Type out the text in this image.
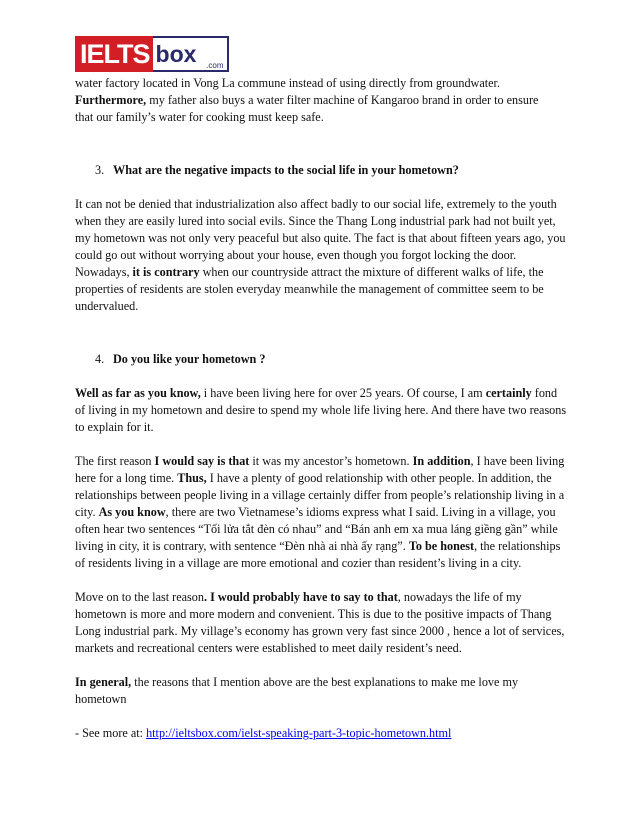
IELTS box .com

water factory located in Vong La commune instead of using directly from groundwater.
Furthermore, my father also buys a water filter machine of Kangaroo brand in order to ensure
that our family’s water for cooking must keep safe.

3. What are the negative impacts to the social life in your hometown?

It can not be denied that industrialization also affect badly to our social life, extremely to the youth when they are easily lured into social evils. Since the Thang Long industrial park had not built yet, my hometown was not only very peaceful but also quite. The fact is that about fifteen years ago, you could go out without worrying about your house, even though you forgot locking the door. Nowadays, it is contrary when our countryside attract the mixture of different walks of life, the properties of residents are stolen everyday meanwhile the management of committee seem to be undervalued.

4. Do you like your hometown ?

Well as far as you know, i have been living here for over 25 years. Of course, I am certainly fond of living in my hometown and desire to spend my whole life living here. And there have two reasons to explain for it.

The first reason I would say is that it was my ancestor’s hometown. In addition, I have been living here for a long time. Thus, I have a plenty of good relationship with other people. In addition, the relationships between people living in a village certainly differ from people’s relationship living in a city. As you know, there are two Vietnamese’s idioms express what I said. Living in a village, you often hear two sentences “Tối lửa tắt đèn có nhau” and “Bán anh em xa mua láng giềng gần” while living in city, it is contrary, with sentence “Đèn nhà ai nhà ấy rạng”. To be honest, the relationships of residents living in a village are more emotional and cozier than resident’s living in a city.

Move on to the last reason. I would probably have to say to that, nowadays the life of my hometown is more and more modern and convenient. This is due to the positive impacts of Thang Long industrial park. My village’s economy has grown very fast since 2000 , hence a lot of services, markets and recreational centers were established to meet daily resident’s need.

In general, the reasons that I mention above are the best explanations to make me love my hometown

- See more at: http://ieltsbox.com/ielst-speaking-part-3-topic-hometown.html
